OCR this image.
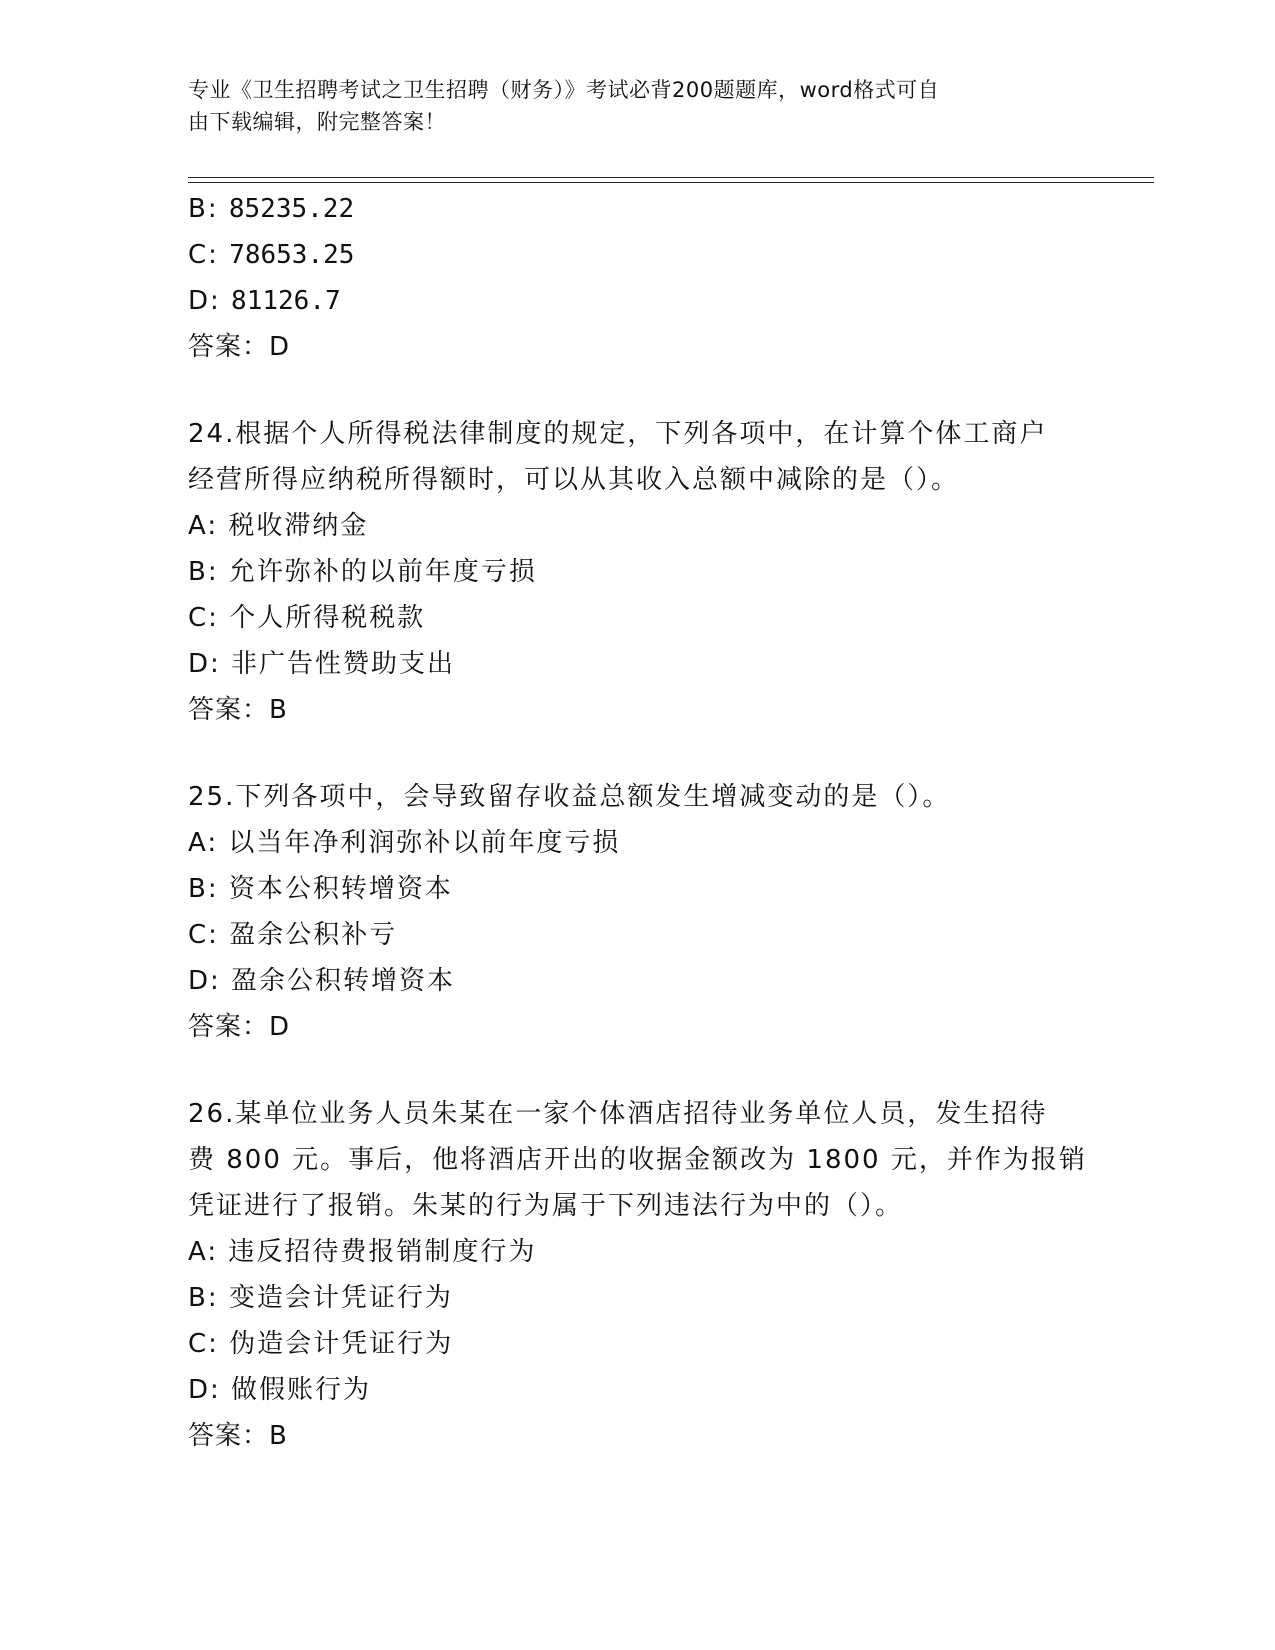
专业《卫生招聘考试之卫生招聘（财务）》考试必背200题题库，word格式可自
由下载编辑，附完整答案！
B: 85235.22
C: 78653.25
D: 81126.7
答案：D
24.根据个人所得税法律制度的规定，下列各项中，在计算个体工商户
经营所得应纳税所得额时，可以从其收入总额中减除的是（）。
A: 税收滞纳金
B: 允许弥补的以前年度亏损
C: 个人所得税税款
D: 非广告性赞助支出
答案：B
25.下列各项中，会导致留存收益总额发生增减变动的是（）。
A: 以当年净利润弥补以前年度亏损
B: 资本公积转增资本
C: 盈余公积补亏
D: 盈余公积转增资本
答案：D
26.某单位业务人员朱某在一家个体酒店招待业务单位人员，发生招待
费 800 元。事后，他将酒店开出的收据金额改为 1800 元，并作为报销
凭证进行了报销。朱某的行为属于下列违法行为中的（）。
A: 违反招待费报销制度行为
B: 变造会计凭证行为
C: 伪造会计凭证行为
D: 做假账行为
答案：B
